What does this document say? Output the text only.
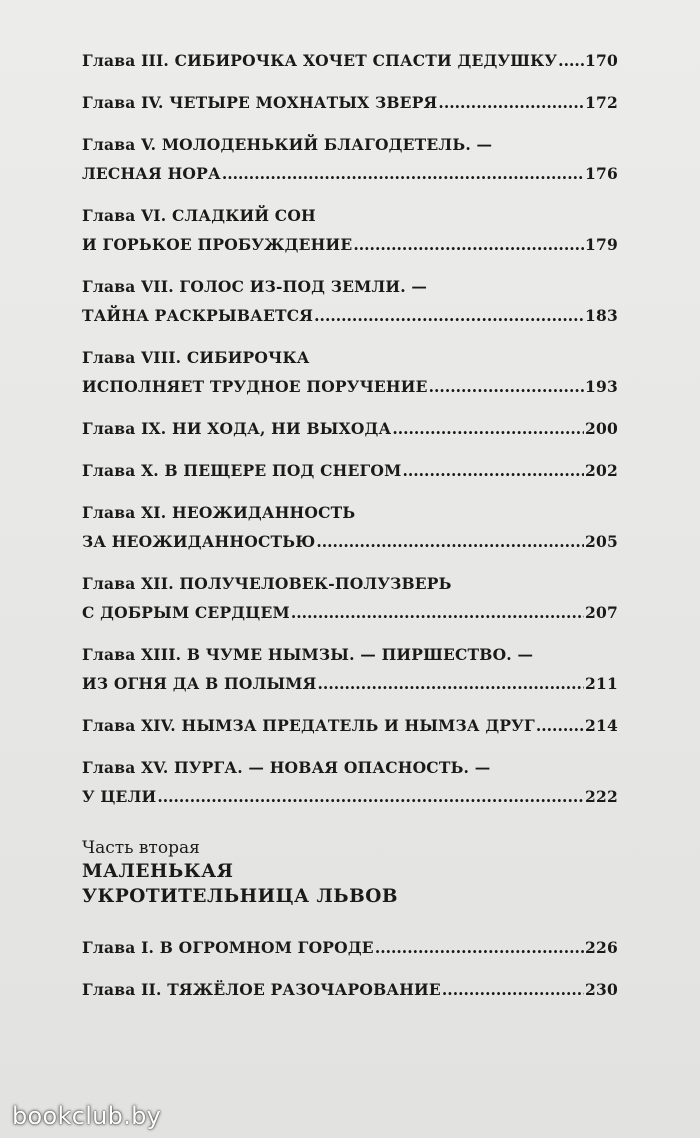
Глава III. СИБИРОЧКА ХОЧЕТ СПАСТИ ДЕДУШКУ ..... 170
Глава IV. ЧЕТЫРЕ МОХНАТЫХ ЗВЕРЯ .....	172
Глава V. МОЛОДЕНЬКИЙ БЛАГОДЕТЕЛЬ. —
ЛЕСНАЯ НОРА .....	176
Глава VI. СЛАДКИЙ СОН
И ГОРЬКОЕ ПРОБУЖДЕНИЕ .....	179
Глава VII. ГОЛОС ИЗ-ПОД ЗЕМЛИ. —
ТАЙНА РАСКРЫВАЕТСЯ .....	183
Глава VIII. СИБИРОЧКА
ИСПОЛНЯЕТ ТРУДНОЕ ПОРУЧЕНИЕ .....	193
Глава IX. НИ ХОДА, НИ ВЫХОДА .....	200
Глава X. В ПЕЩЕРЕ ПОД СНЕГОМ .....	202
Глава XI. НЕОЖИДАННОСТЬ
ЗА НЕОЖИДАННОСТЬЮ .....	205
Глава XII. ПОЛУЧЕЛОВЕК-ПОЛУЗВЕРЬ
С ДОБРЫМ СЕРДЦЕМ .....	207
Глава XIII. В ЧУМЕ НЫМЗЫ. — ПИРШЕСТВО. —
ИЗ ОГНЯ ДА В ПОЛЫМЯ .....	211
Глава XIV. НЫМЗА ПРЕДАТЕЛЬ И НЫМЗА ДРУГ .....	214
Глава XV. ПУРГА. — НОВАЯ ОПАСНОСТЬ. —
У ЦЕЛИ .....	222
Часть вторая
МАЛЕНЬКАЯ
УКРОТИТЕЛЬНИЦА ЛЬВОВ
Глава I. В ОГРОМНОМ ГОРОДЕ .....	226
Глава II. ТЯЖЁЛОЕ РАЗОЧАРОВАНИЕ .....	230
bookclub.by
